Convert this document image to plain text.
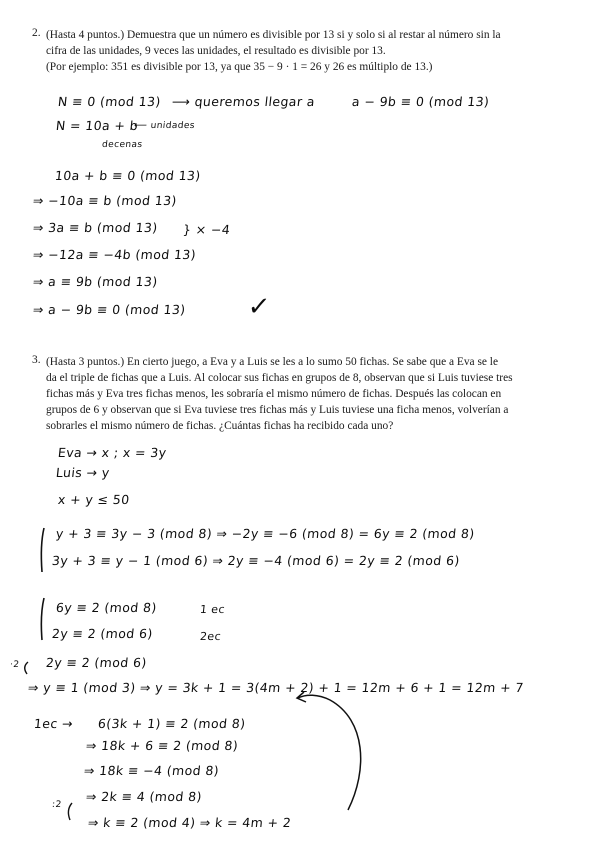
2. (Hasta 4 puntos.) Demuestra que un número es divisible por 13 si y solo si al restar al número sin la

cifra de las unidades, 9 veces las unidades, el resultado es divisible por 13.

(Por ejemplo: 351 es divisible por 13, ya que 35 − 9 · 1 = 26 y 26 es múltiplo de 13.)

N ≡ 0 (mod 13) ⟶ queremos llegar a	a − 9b ≡ 0 (mod 13)
N = 10a + b
⟵ unidades
decenas
10a + b ≡ 0 (mod 13)
⇒ −10a ≡ b (mod 13)
⇒ 3a ≡ b (mod 13) } × −4
⇒ −12a ≡ −4b (mod 13)
⇒ a ≡ 9b (mod 13)
⇒ a − 9b ≡ 0 (mod 13) ✓
3. (Hasta 3 puntos.) En cierto juego, a Eva y a Luis se les a lo sumo 50 fichas. Se sabe que a Eva se le

da el triple de fichas que a Luis. Al colocar sus fichas en grupos de 8, observan que si Luis tuviese tres

fichas más y Eva tres fichas menos, les sobraría el mismo número de fichas. Después las colocan en

grupos de 6 y observan que si Eva tuviese tres fichas más y Luis tuviese una ficha menos, volverían a

sobrarles el mismo número de fichas. ¿Cuántas fichas ha recibido cada uno?

Eva → x ; x = 3y
Luis → y
x + y ≤ 50
y + 3 ≡ 3y − 3 (mod 8) ⇒ −2y ≡ −6 (mod 8) = 6y ≡ 2 (mod 8)
3y + 3 ≡ y − 1 (mod 6) ⇒ 2y ≡ −4 (mod 6) = 2y ≡ 2 (mod 6)
6y ≡ 2 (mod 8)	1 ec
2y ≡ 2 (mod 6)	2ec
·2 2y ≡ 2 (mod 6)
⇒ y ≡ 1 (mod 3) ⇒ y = 3k + 1 = 3(4m + 2) + 1 = 12m + 6 + 1 = 12m + 7
1ec → 6(3k + 1) ≡ 2 (mod 8)
⇒ 18k + 6 ≡ 2 (mod 8)
⇒ 18k ≡ −4 (mod 8)
⇒ 2k ≡ 4 (mod 8)
:2
⇒ k ≡ 2 (mod 4) ⇒ k = 4m + 2
